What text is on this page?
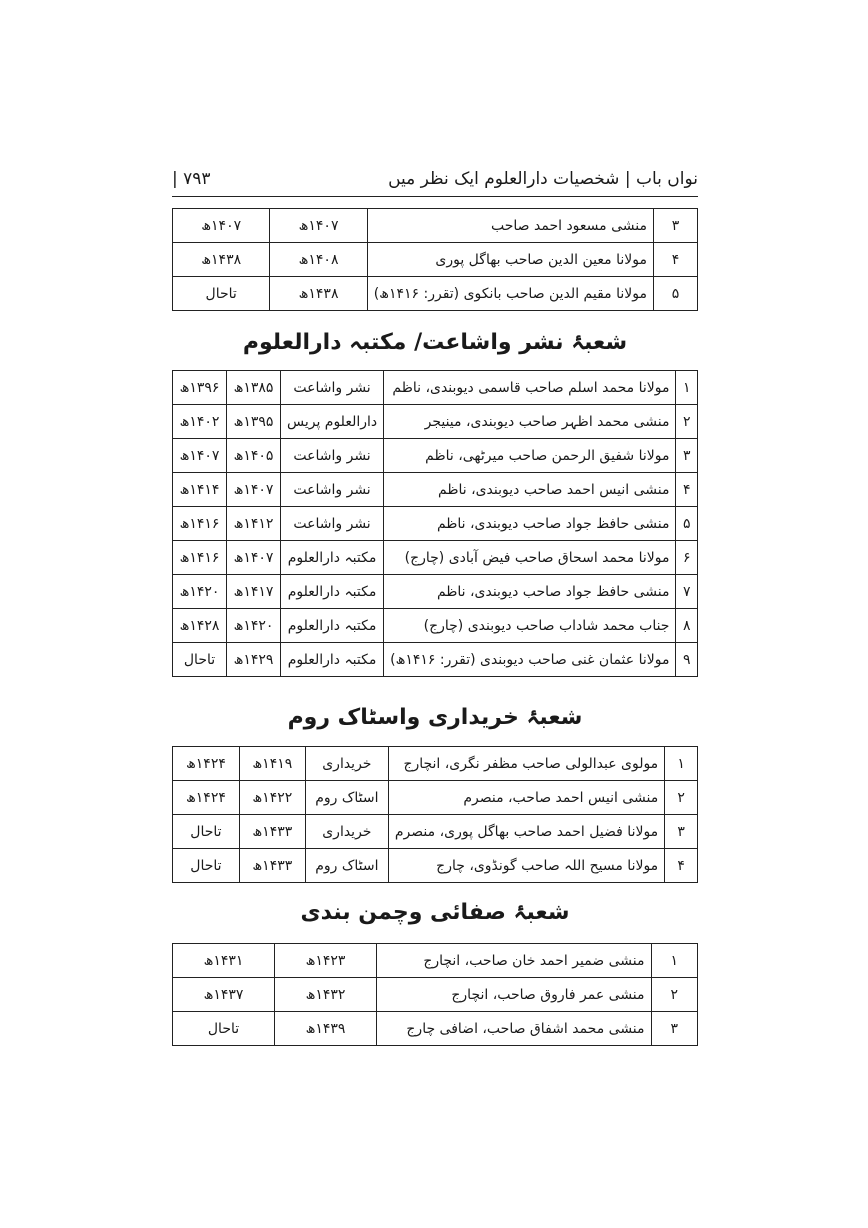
نواں باب | شخصیات دارالعلوم ایک نظر میں
| ۷۹۳
۳	منشی مسعود احمد صاحب	۱۴۰۷ھ	۱۴۰۷ھ
۴	مولانا معین الدین صاحب بھاگل پوری	۱۴۰۸ھ	۱۴۳۸ھ
۵	مولانا مقیم الدین صاحب بانکوی (تقرر: ۱۴۱۶ھ)	۱۴۳۸ھ	تاحال
شعبۂ نشر واشاعت/ مکتبہ دارالعلوم
۱	مولانا محمد اسلم صاحب قاسمی دیوبندی، ناظم	نشر واشاعت	۱۳۸۵ھ	۱۳۹۶ھ
۲	منشی محمد اظہر صاحب دیوبندی، مینیجر	دارالعلوم پریس	۱۳۹۵ھ	۱۴۰۲ھ
۳	مولانا شفیق الرحمن صاحب میرٹھی، ناظم	نشر واشاعت	۱۴۰۵ھ	۱۴۰۷ھ
۴	منشی انیس احمد صاحب دیوبندی، ناظم	نشر واشاعت	۱۴۰۷ھ	۱۴۱۴ھ
۵	منشی حافظ جواد صاحب دیوبندی، ناظم	نشر واشاعت	۱۴۱۲ھ	۱۴۱۶ھ
۶	مولانا محمد اسحاق صاحب فیض آبادی (چارج)	مکتبہ دارالعلوم	۱۴۰۷ھ	۱۴۱۶ھ
۷	منشی حافظ جواد صاحب دیوبندی، ناظم	مکتبہ دارالعلوم	۱۴۱۷ھ	۱۴۲۰ھ
۸	جناب محمد شاداب صاحب دیوبندی (چارج)	مکتبہ دارالعلوم	۱۴۲۰ھ	۱۴۲۸ھ
۹	مولانا عثمان غنی صاحب دیوبندی (تقرر: ۱۴۱۶ھ)	مکتبہ دارالعلوم	۱۴۲۹ھ	تاحال
شعبۂ خریداری واسٹاک روم
۱	مولوی عبدالولی صاحب مظفر نگری، انچارج	خریداری	۱۴۱۹ھ	۱۴۲۴ھ
۲	منشی انیس احمد صاحب، منصرم	اسٹاک روم	۱۴۲۲ھ	۱۴۲۴ھ
۳	مولانا فضیل احمد صاحب بھاگل پوری، منصرم	خریداری	۱۴۳۳ھ	تاحال
۴	مولانا مسیح اللہ صاحب گونڈوی، چارج	اسٹاک روم	۱۴۳۳ھ	تاحال
شعبۂ صفائی وچمن بندی
۱	منشی ضمیر احمد خان صاحب، انچارج	۱۴۲۳ھ	۱۴۳۱ھ
۲	منشی عمر فاروق صاحب، انچارج	۱۴۳۲ھ	۱۴۳۷ھ
۳	منشی محمد اشفاق صاحب، اضافی چارج	۱۴۳۹ھ	تاحال
